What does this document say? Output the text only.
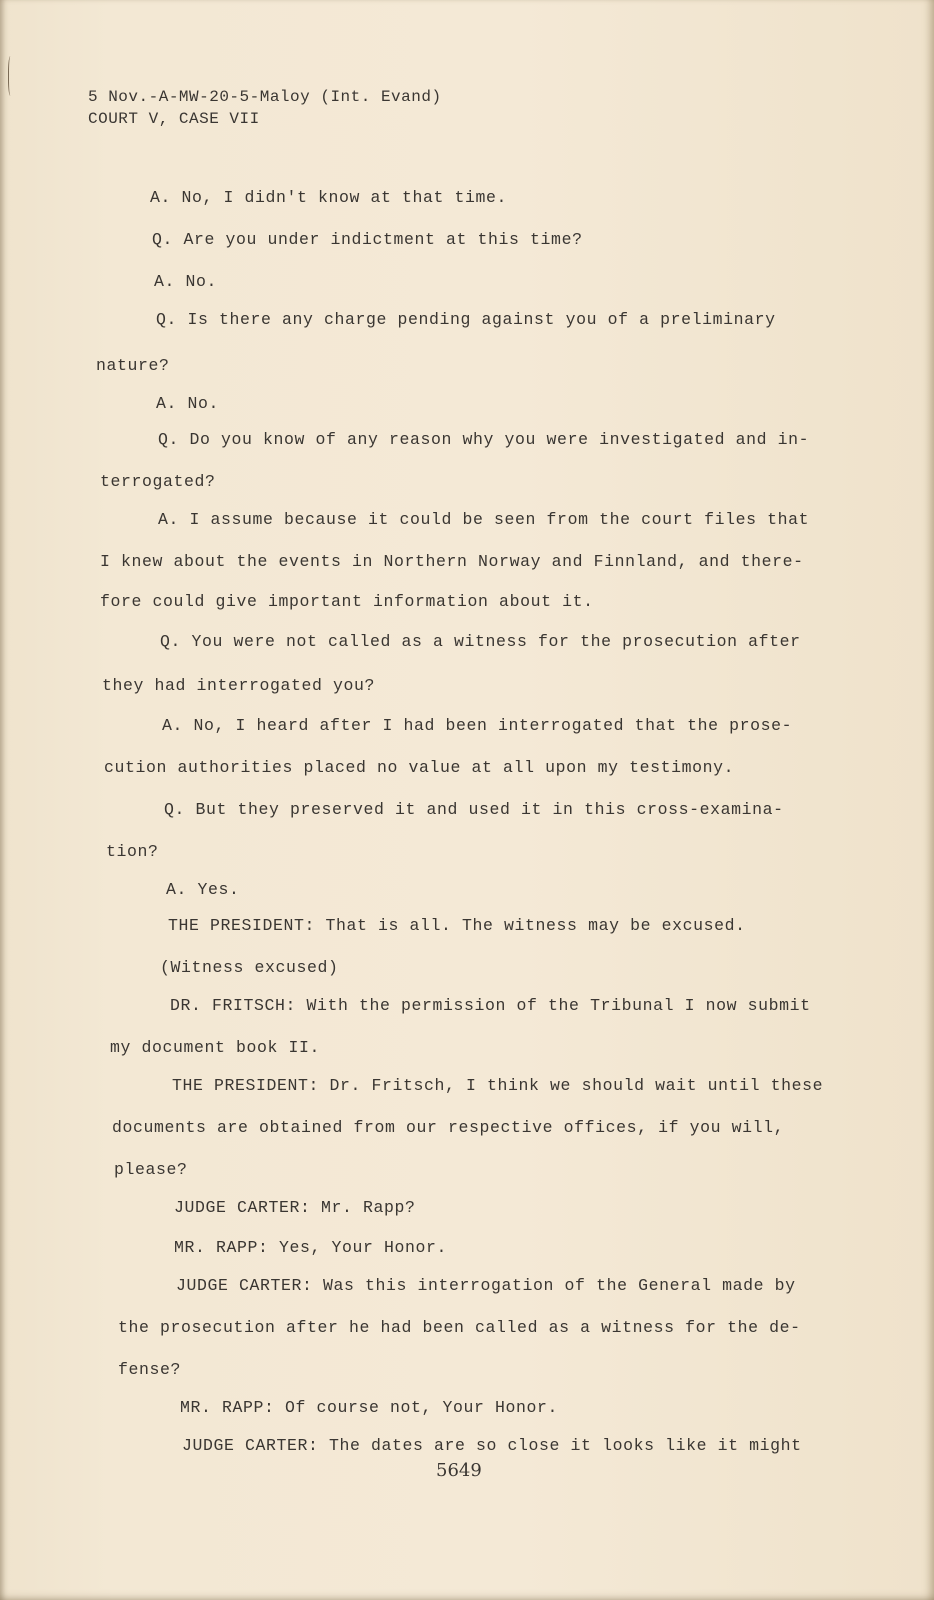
5 Nov.-A-MW-20-5-Maloy (Int. Evand)
COURT V, CASE VII
A. No, I didn't know at that time.
Q. Are you under indictment at this time?
A. No.
Q. Is there any charge pending against you of a preliminary
nature?
A. No.
Q. Do you know of any reason why you were investigated and in-
terrogated?
A. I assume because it could be seen from the court files that
I knew about the events in Northern Norway and Finnland, and there-
fore could give important information about it.
Q. You were not called as a witness for the prosecution after
they had interrogated you?
A. No, I heard after I had been interrogated that the prose-
cution authorities placed no value at all upon my testimony.
Q. But they preserved it and used it in this cross-examina-
tion?
A. Yes.
THE PRESIDENT: That is all. The witness may be excused.
(Witness excused)
DR. FRITSCH: With the permission of the Tribunal I now submit
my document book II.
THE PRESIDENT: Dr. Fritsch, I think we should wait until these
documents are obtained from our respective offices, if you will,
please?
JUDGE CARTER: Mr. Rapp?
MR. RAPP: Yes, Your Honor.
JUDGE CARTER: Was this interrogation of the General made by
the prosecution after he had been called as a witness for the de-
fense?
MR. RAPP: Of course not, Your Honor.
JUDGE CARTER: The dates are so close it looks like it might
5649
